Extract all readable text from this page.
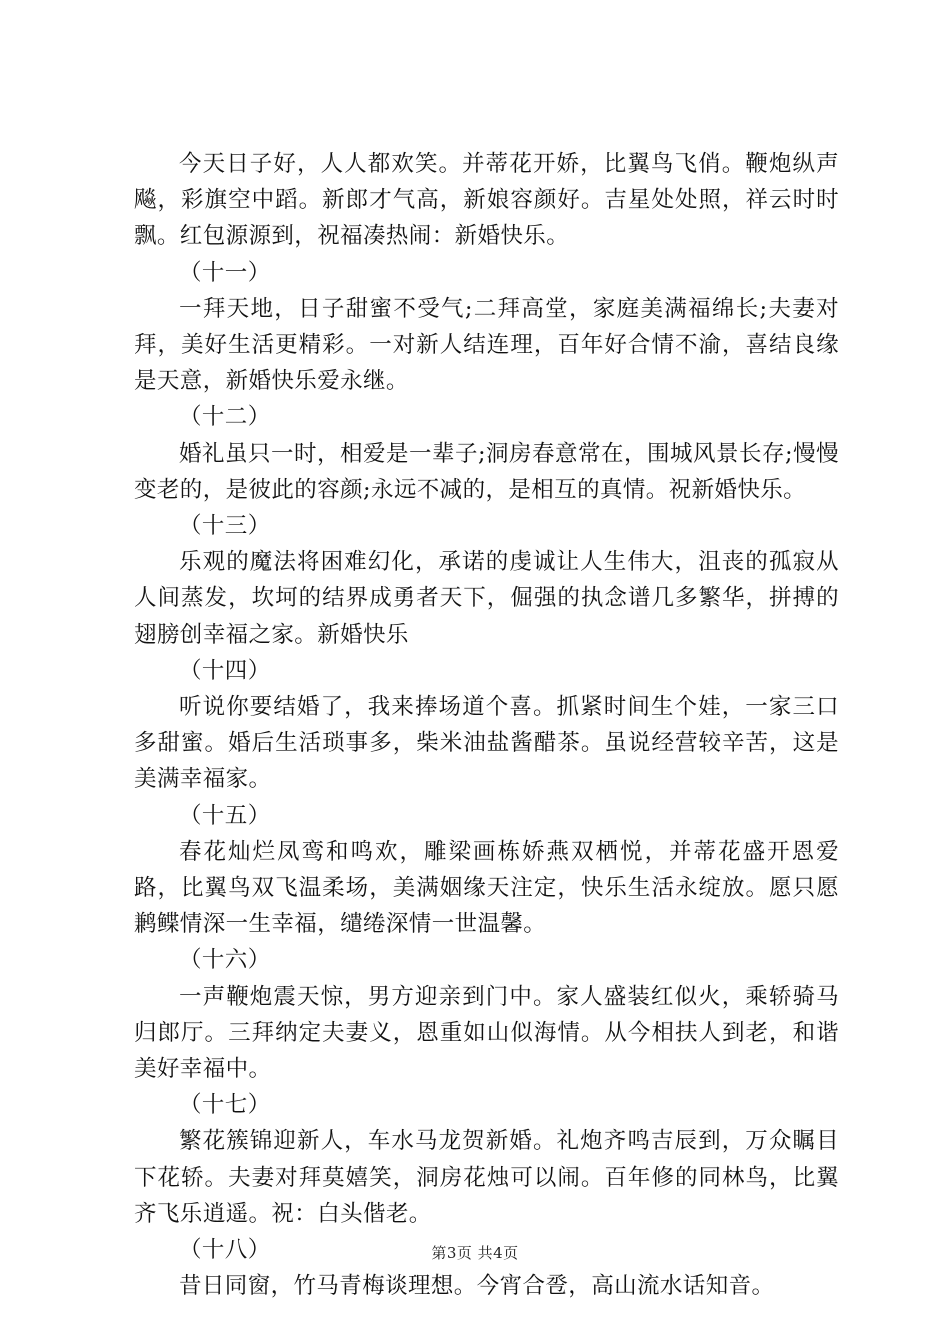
今天日子好，人人都欢笑。并蒂花开娇，比翼鸟飞俏。鞭炮纵声飚，彩旗空中蹈。新郎才气高，新娘容颜好。吉星处处照，祥云时时飘。红包源源到，祝福凑热闹：新婚快乐。

（十一）

一拜天地，日子甜蜜不受气;二拜高堂，家庭美满福绵长;夫妻对拜，美好生活更精彩。一对新人结连理，百年好合情不渝，喜结良缘是天意，新婚快乐爱永继。

（十二）

婚礼虽只一时，相爱是一辈子;洞房春意常在，围城风景长存;慢慢变老的，是彼此的容颜;永远不减的，是相互的真情。祝新婚快乐。

（十三）

乐观的魔法将困难幻化，承诺的虔诚让人生伟大，沮丧的孤寂从人间蒸发，坎坷的结界成勇者天下，倔强的执念谱几多繁华，拼搏的翅膀创幸福之家。新婚快乐

（十四）

听说你要结婚了，我来捧场道个喜。抓紧时间生个娃，一家三口多甜蜜。婚后生活琐事多，柴米油盐酱醋茶。虽说经营较辛苦，这是美满幸福家。

（十五）

春花灿烂凤鸾和鸣欢，雕梁画栋娇燕双栖悦，并蒂花盛开恩爱路，比翼鸟双飞温柔场，美满姻缘天注定，快乐生活永绽放。愿只愿鹣鲽情深一生幸福，缱绻深情一世温馨。

（十六）

一声鞭炮震天惊，男方迎亲到门中。家人盛装红似火，乘轿骑马归郎厅。三拜纳定夫妻义，恩重如山似海情。从今相扶人到老，和谐美好幸福中。

（十七）

繁花簇锦迎新人，车水马龙贺新婚。礼炮齐鸣吉辰到，万众瞩目下花轿。夫妻对拜莫嬉笑，洞房花烛可以闹。百年修的同林鸟，比翼齐飞乐逍遥。祝：白头偕老。

（十八）

昔日同窗，竹马青梅谈理想。今宵合卺，高山流水话知音。

第3页 共4页
